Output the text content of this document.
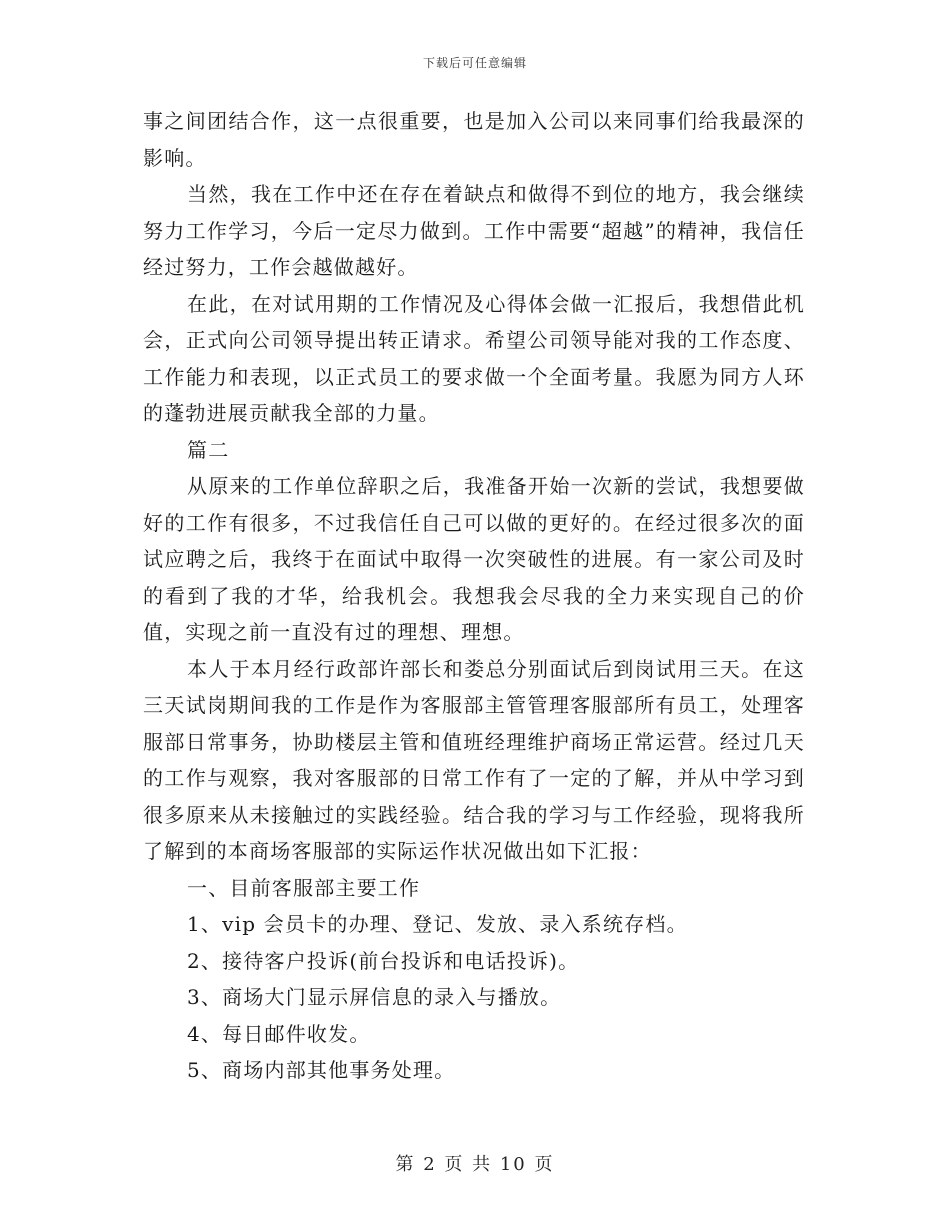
下载后可任意编辑

事之间团结合作，这一点很重要，也是加入公司以来同事们给我最深的影响。

当然，我在工作中还在存在着缺点和做得不到位的地方，我会继续努力工作学习，今后一定尽力做到。工作中需要“超越”的精神，我信任经过努力，工作会越做越好。

在此，在对试用期的工作情况及心得体会做一汇报后，我想借此机会，正式向公司领导提出转正请求。希望公司领导能对我的工作态度、工作能力和表现，以正式员工的要求做一个全面考量。我愿为同方人环的蓬勃进展贡献我全部的力量。

篇二

从原来的工作单位辞职之后，我准备开始一次新的尝试，我想要做好的工作有很多，不过我信任自己可以做的更好的。在经过很多次的面试应聘之后，我终于在面试中取得一次突破性的进展。有一家公司及时的看到了我的才华，给我机会。我想我会尽我的全力来实现自己的价值，实现之前一直没有过的理想、理想。

本人于本月经行政部许部长和娄总分别面试后到岗试用三天。在这三天试岗期间我的工作是作为客服部主管管理客服部所有员工，处理客服部日常事务，协助楼层主管和值班经理维护商场正常运营。经过几天的工作与观察，我对客服部的日常工作有了一定的了解，并从中学习到很多原来从未接触过的实践经验。结合我的学习与工作经验，现将我所了解到的本商场客服部的实际运作状况做出如下汇报：

一、目前客服部主要工作

1、vip 会员卡的办理、登记、发放、录入系统存档。

2、接待客户投诉(前台投诉和电话投诉)。

3、商场大门显示屏信息的录入与播放。

4、每日邮件收发。

5、商场内部其他事务处理。

第 2 页 共 10 页
